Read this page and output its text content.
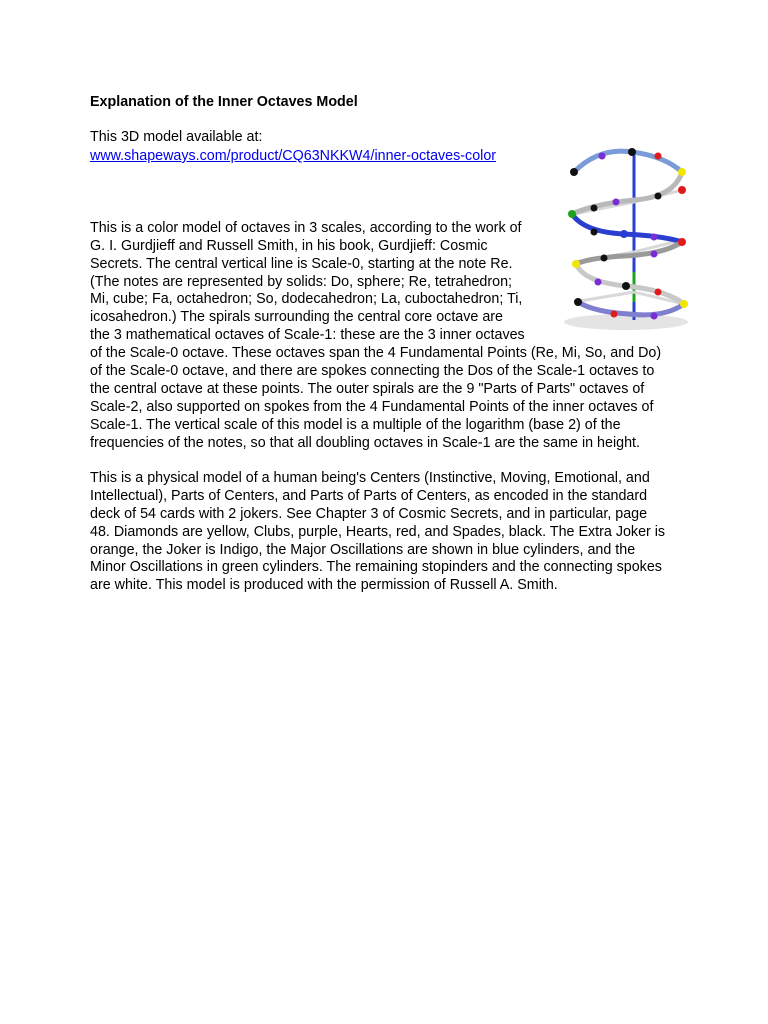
Explanation of the Inner Octaves Model
This 3D model available at:
www.shapeways.com/product/CQ63NKKW4/inner-octaves-color
This is a color model of octaves in 3 scales, according to the work of
G. I. Gurdjieff and Russell Smith, in his book, Gurdjieff: Cosmic
Secrets. The central vertical line is Scale-0, starting at the note Re.
(The notes are represented by solids: Do, sphere; Re, tetrahedron;
Mi, cube; Fa, octahedron; So, dodecahedron; La, cuboctahedron; Ti,
icosahedron.) The spirals surrounding the central core octave are
the 3 mathematical octaves of Scale-1: these are the 3 inner octaves
of the Scale-0 octave. These octaves span the 4 Fundamental Points (Re, Mi, So, and Do)
of the Scale-0 octave, and there are spokes connecting the Dos of the Scale-1 octaves to
the central octave at these points. The outer spirals are the 9 "Parts of Parts" octaves of
Scale-2, also supported on spokes from the 4 Fundamental Points of the inner octaves of
Scale-1. The vertical scale of this model is a multiple of the logarithm (base 2) of the
frequencies of the notes, so that all doubling octaves in Scale-1 are the same in height.
This is a physical model of a human being's Centers (Instinctive, Moving, Emotional, and
Intellectual), Parts of Centers, and Parts of Parts of Centers, as encoded in the standard
deck of 54 cards with 2 jokers. See Chapter 3 of Cosmic Secrets, and in particular, page
48. Diamonds are yellow, Clubs, purple, Hearts, red, and Spades, black. The Extra Joker is
orange, the Joker is Indigo, the Major Oscillations are shown in blue cylinders, and the
Minor Oscillations in green cylinders. The remaining stopinders and the connecting spokes
are white. This model is produced with the permission of Russell A. Smith.
